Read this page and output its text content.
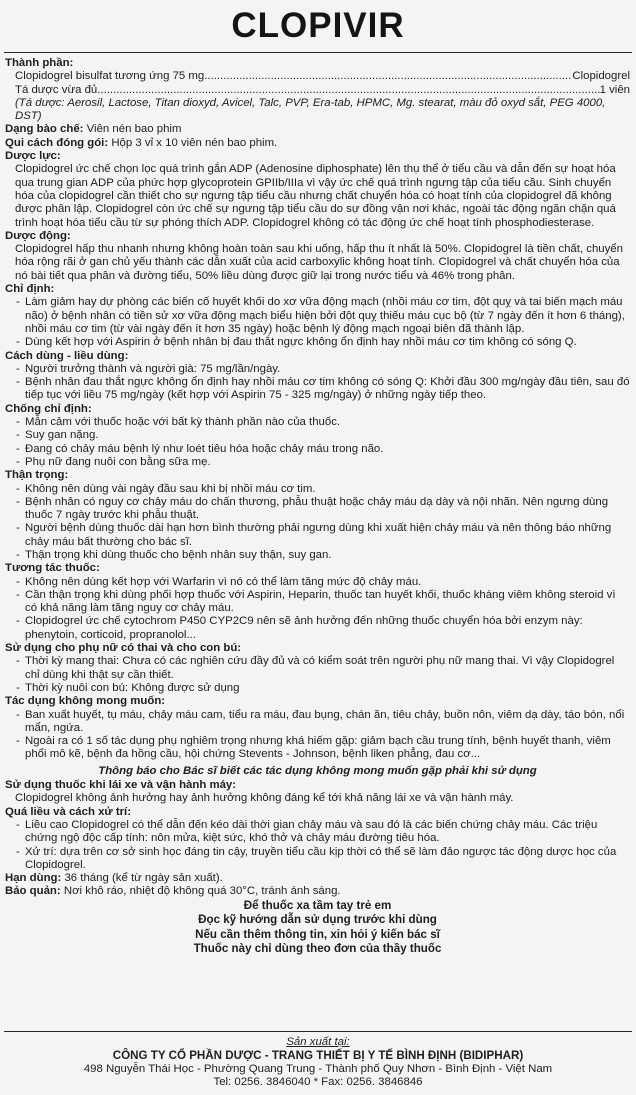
CLOPIVIR
Thành phần:
Clopidogrel bisulfat tương ứng 75 mg .....	Clopidogrel
Tá dược vừa đủ .....	1 viên
(Tá dược: Aerosil, Lactose, Titan dioxyd, Avicel, Talc, PVP, Era-tab, HPMC, Mg. stearat, màu đỏ oxyd sắt, PEG 4000, DST)
Dạng bào chế: Viên nén bao phim
Qui cách đóng gói: Hộp 3 vỉ x 10 viên nén bao phim.
Dược lực:
Clopidogrel ức chế chọn lọc quá trình gắn ADP (Adenosine diphosphate) lên thụ thể ở tiểu cầu và dẫn đến sự hoạt hóa qua trung gian ADP của phức hợp glycoprotein GPIIb/IIIa vì vậy ức chế quá trình ngưng tập của tiểu cầu. Sinh chuyển hóa của clopidogrel cần thiết cho sự ngưng tập tiểu cầu nhưng chất chuyển hóa có hoạt tính của clopidogrel đã không được phân lập. Clopidogrel còn ức chế sự ngưng tập tiểu cầu do sự đồng vận nơi khác, ngoài tác động ngăn chặn quá trình hoạt hóa tiểu cầu từ sự phóng thích ADP. Clopidogrel không có tác động ức chế hoạt tính phosphodiesterase.
Dược động:
Clopidogrel hấp thu nhanh nhưng không hoàn toàn sau khi uống, hấp thu ít nhất là 50%. Clopidogrel là tiền chất, chuyển hóa rộng rãi ở gan chủ yếu thành các dẫn xuất của acid carboxylic không hoạt tính. Clopidogrel và chất chuyển hóa của nó bài tiết qua phân và đường tiểu, 50% liều dùng được giữ lại trong nước tiểu và 46% trong phân.
Chỉ định:
- Làm giảm hay dự phòng các biến cố huyết khối do xơ vữa động mạch (nhồi máu cơ tim, đột quỵ và tai biến mạch máu não) ở bệnh nhân có tiền sử xơ vữa động mạch biểu hiện bởi đột quỵ thiếu máu cục bộ (từ 7 ngày đến ít hơn 6 tháng), nhồi máu cơ tim (từ vài ngày đến ít hơn 35 ngày) hoặc bệnh lý động mạch ngoại biên đã thành lập.
- Dùng kết hợp với Aspirin ở bệnh nhân bị đau thắt ngực không ổn định hay nhồi máu cơ tim không có sóng Q.
Cách dùng - liều dùng:
- Người trưởng thành và người già: 75 mg/lần/ngày.
- Bệnh nhân đau thắt ngực không ổn định hay nhồi máu cơ tim không có sóng Q: Khởi đầu 300 mg/ngày đầu tiên, sau đó tiếp tục với liều 75 mg/ngày (kết hợp với Aspirin 75 - 325 mg/ngày) ở những ngày tiếp theo.
Chống chỉ định:
- Mẫn cảm với thuốc hoặc với bất kỳ thành phần nào của thuốc.
- Suy gan nặng.
- Đang có chảy máu bệnh lý như loét tiêu hóa hoặc chảy máu trong não.
- Phụ nữ đang nuôi con bằng sữa mẹ.
Thận trọng:
- Không nên dùng vài ngày đầu sau khi bị nhồi máu cơ tim.
- Bệnh nhân có nguy cơ chảy máu do chấn thương, phẫu thuật hoặc chảy máu dạ dày và nội nhãn. Nên ngưng dùng thuốc 7 ngày trước khi phẫu thuật.
- Người bệnh dùng thuốc dài hạn hơn bình thường phải ngưng dùng khi xuất hiện chảy máu và nên thông báo những chảy máu bất thường cho bác sĩ.
- Thận trọng khi dùng thuốc cho bệnh nhân suy thận, suy gan.
Tương tác thuốc:
- Không nên dùng kết hợp với Warfarin vì nó có thể làm tăng mức độ chảy máu.
- Cần thận trọng khi dùng phối hợp thuốc với Aspirin, Heparin, thuốc tan huyết khối, thuốc kháng viêm không steroid vì có khả năng làm tăng nguy cơ chảy máu.
- Clopidogrel ức chế cytochrom P450 CYP2C9 nên sẽ ảnh hưởng đến những thuốc chuyển hóa bởi enzym này: phenytoin, corticoid, propranolol...
Sử dụng cho phụ nữ có thai và cho con bú:
- Thời kỳ mang thai: Chưa có các nghiên cứu đầy đủ và có kiểm soát trên người phụ nữ mang thai. Vì vậy Clopidogrel chỉ dùng khi thật sự cần thiết.
- Thời kỳ nuôi con bú: Không được sử dụng
Tác dụng không mong muốn:
- Ban xuất huyết, tụ máu, chảy máu cam, tiểu ra máu, đau bụng, chán ăn, tiêu chảy, buồn nôn, viêm dạ dày, táo bón, nổi mẩn, ngứa.
- Ngoài ra có 1 số tác dụng phụ nghiêm trọng nhưng khá hiếm gặp: giảm bạch cầu trung tính, bệnh huyết thanh, viêm phổi mô kẽ, bệnh đa hồng cầu, hội chứng Stevents - Johnson, bệnh liken phẳng, đau cơ...
Thông báo cho Bác sĩ biết các tác dụng không mong muốn gặp phải khi sử dụng
Sử dụng thuốc khi lái xe và vận hành máy:
Clopidogrel không ảnh hưởng hay ảnh hưởng không đáng kể tới khả năng lái xe và vận hành máy.
Quá liều và cách xử trí:
- Liều cao Clopidogrel có thể dẫn đến kéo dài thời gian chảy máu và sau đó là các biến chứng chảy máu. Các triệu chứng ngộ độc cấp tính: nôn mửa, kiệt sức, khó thở và chảy máu đường tiêu hóa.
- Xử trí: dựa trên cơ sở sinh học đáng tin cậy, truyền tiểu cầu kịp thời có thể sẽ làm đảo ngược tác động dược học của Clopidogrel.
Hạn dùng: 36 tháng (kể từ ngày sản xuất).
Bảo quản: Nơi khô ráo, nhiệt độ không quá 30°C, tránh ánh sáng.
Để thuốc xa tầm tay trẻ em
Đọc kỹ hướng dẫn sử dụng trước khi dùng
Nếu cần thêm thông tin, xin hỏi ý kiến bác sĩ
Thuốc này chỉ dùng theo đơn của thầy thuốc
Sản xuất tại:
CÔNG TY CỔ PHẦN DƯỢC - TRANG THIẾT BỊ Y TẾ BÌNH ĐỊNH (BIDIPHAR)
498 Nguyễn Thái Học - Phường Quang Trung - Thành phố Quy Nhơn - Bình Định - Việt Nam
Tel: 0256. 3846040 * Fax: 0256. 3846846
